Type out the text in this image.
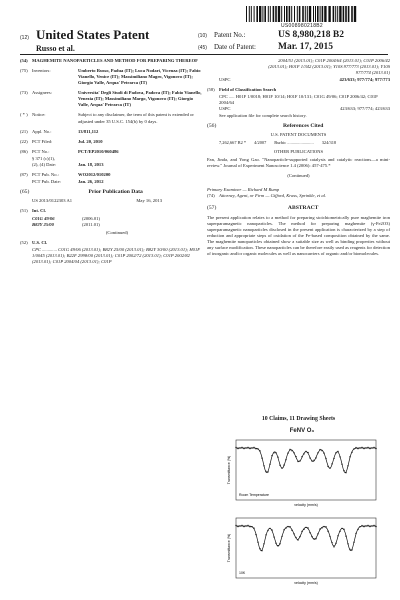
US008980218B2
(12) United States Patent
Russo et al.
(10)	Patent No.:	US 8,980,218 B2
(45)	Date of Patent:	Mar. 17, 2015
(54) MAGHEMITE NANOPARTICLES AND METHOD FOR PREPARING THEREOF
(75) Inventors:	Umberto Russo, Padua (IT); Luca Nodari, Vicenza (IT); Fabio Vianello, Venice (IT); Massimiliano Magro, Vigonovo (IT); Giorgio Valle, Arqua' Petrarca (IT)
(73) Assignees:	Universita' Degli Studi di Padova, Padova (IT); Fabio Vianello, Venezia (IT); Massimiliano Margo, Vigonovo (IT); Giorgio Valle, Arqua' Petrarca (IT)
( * ) Notice:	Subject to any disclaimer, the term of this patent is extended or adjusted under 35 U.S.C. 154(b) by 0 days.
(21) Appl. No.:	13/811,112
(22) PCT Filed:	Jul. 20, 2010
(86) PCT No.:	PCT/EP2010/060486
§ 371 (c)(1),
(2), (4) Date:	Jan. 18, 2013
(87) PCT Pub. No.:	WO2012/010200
PCT Pub. Date:	Jan. 26, 2012
(65)	Prior Publication Data
US 2013/0122303 A1	May 16, 2013
(51) Int. Cl.
C01G 49/06	(2006.01)
B82Y 25/00	(2011.01)
(Continued)
(52) U.S. Cl.
CPC ............. C01G 49/06 (2013.01); B82Y 25/00 (2013.01); B82Y 30/00 (2013.01); H01F 1/0045 (2013.01); B22F 2998/00 (2013.01); C01P 2002/72 (2013.01); C01P 2002/82 (2013.01); C01P 2004/04 (2013.01); C01P
2004/51 (2013.01); C01P 2004/64 (2013.01); C01P 2006/42 (2013.01); H01F 1/342 (2013.01); Y10S 977/773 (2013.01); Y10S 977/774 (2013.01)
USPC	423/633; 977/774; 977/773
(58) Field of Classification Search
CPC ..... H01F 1/0018; H01F 10/14; H01F 10/131; C01G 49/06; C01P 2006/42; C01P 2004/64
USPC	423/633; 977/774; 423/633
See application file for complete search history.
(56)	References Cited
U.S. PATENT DOCUMENTS
7,262,667 B2 * 4/2007 Burbic ........................ 324/318
OTHER PUBLICATIONS
Fan, Jinda, and Yong Gao. "Nanoparticle-supported catalysts and catalytic reactions—a mini-review." Journal of Experiment Nanoscience 1.4 (2006): 457-475.*
(Continued)
Primary Examiner — Richard M Rump
(74) Attorney, Agent, or Firm — Gifford, Krass, Sprinkle, et al.
(57)	ABSTRACT
The present application relates to a method for preparing stoichiometrically pure maghemite iron superparamagnetic nanoparticles. The method for preparing maghemite (γ-Fe2O3) superparamagnetic nanoparticles disclosed in the present application is characterized by a step of reduction and appropriate steps of oxidation of the Fe-based composition obtained by the same. The maghemite nanoparticles obtained show a suitable size as well as binding properties without any surface modification. These nanoparticles can be therefore easily used as reagents for detection of inorganic and/or organic molecules as well as nanocarriers of organic and/or biomolecules.
10 Claims, 11 Drawing Sheets
FeNV O₃
Room Temperature
velocity (mm/s)
Transmittance (%)
10K
velocity (mm/s)
Transmittance (%)
